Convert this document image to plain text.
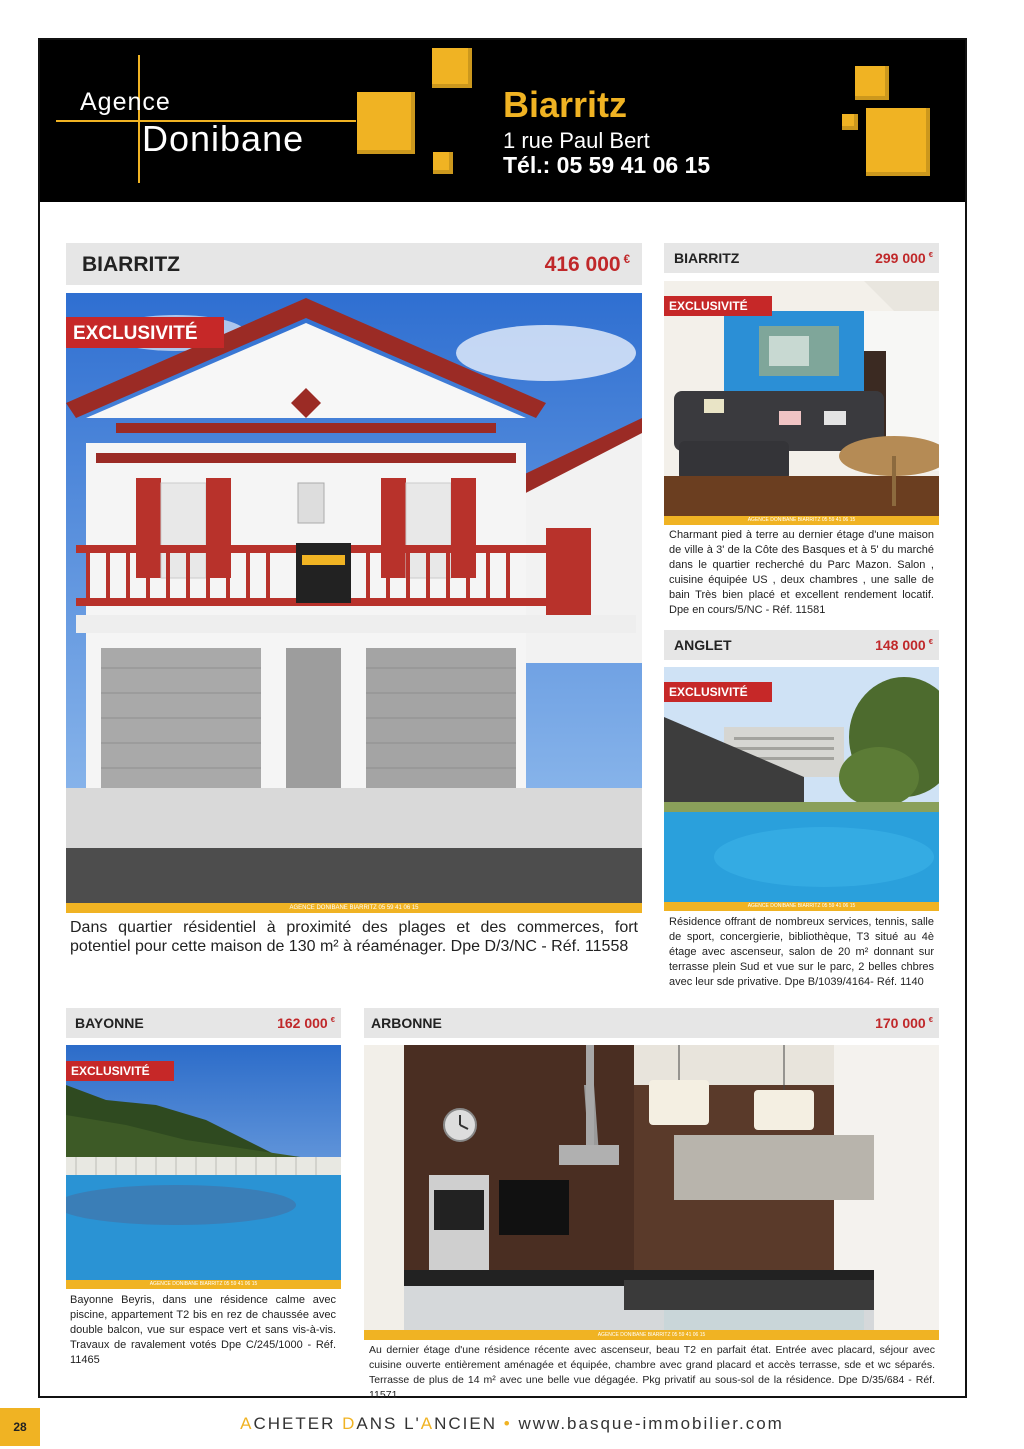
Agence
Donibane
Biarritz
1 rue Paul Bert
Tél.: 05 59 41 06 15
BIARRITZ	416 000 €
EXCLUSIVITÉ
AGENCE DONIBANE BIARRITZ 05 59 41 06 15
Dans quartier résidentiel à proximité des plages et des commerces, fort potentiel pour cette maison de 130 m² à réaménager. Dpe D/3/NC - Réf. 11558
BIARRITZ	299 000 €
EXCLUSIVITÉ
AGENCE DONIBANE BIARRITZ 05 59 41 06 15
Charmant pied à terre au dernier étage d'une maison de ville à 3' de la Côte des Basques et à 5' du marché dans le quartier recherché du Parc Mazon. Salon , cuisine équipée US , deux chambres , une salle de bain Très bien placé et excellent rendement locatif. Dpe en cours/5/NC - Réf. 11581
ANGLET	148 000 €
EXCLUSIVITÉ
AGENCE DONIBANE BIARRITZ 05 59 41 06 15
Résidence offrant de nombreux services, tennis, salle de sport, concergierie, bibliothèque, T3 situé au 4è étage avec ascenseur, salon de 20 m² donnant sur terrasse plein Sud et vue sur le parc, 2 belles chbres avec leur sde privative. Dpe B/1039/4164- Réf. 1140
BAYONNE	162 000 €
EXCLUSIVITÉ
AGENCE DONIBANE BIARRITZ 05 59 41 06 15
Bayonne Beyris, dans une résidence calme avec piscine, appartement T2 bis en rez de chaussée avec double balcon, vue sur espace vert et sans vis-à-vis. Travaux de ravalement votés Dpe C/245/1000 - Réf. 11465
ARBONNE	170 000 €
AGENCE DONIBANE BIARRITZ 05 59 41 06 15
Au dernier étage d'une résidence récente avec ascenseur, beau T2 en parfait état. Entrée avec placard, séjour avec cuisine ouverte entièrement aménagée et équipée, chambre avec grand placard et accès terrasse, sde et wc séparés. Terrasse de plus de 14 m² avec une belle vue dégagée. Pkg privatif au sous-sol de la résidence. Dpe D/35/684 - Réf. 11571
28	ACHETER DANS L'ANCIEN • www.basque-immobilier.com
